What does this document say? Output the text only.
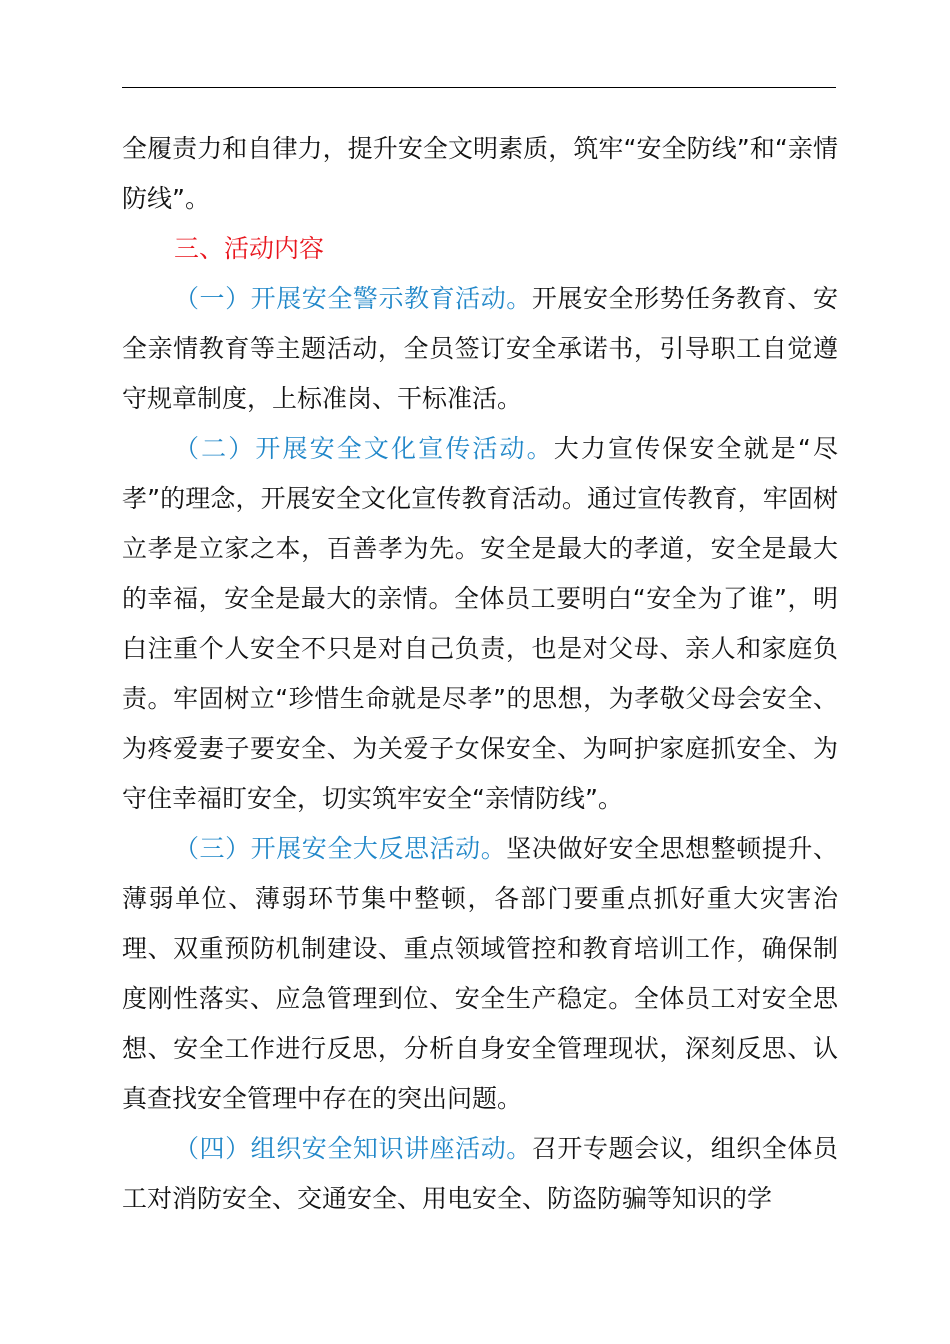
全履责力和自律力，提升安全文明素质，筑牢“安全防线”和“亲情防线”。

三、活动内容

（一）开展安全警示教育活动。开展安全形势任务教育、安全亲情教育等主题活动，全员签订安全承诺书，引导职工自觉遵守规章制度，上标准岗、干标准活。

（二）开展安全文化宣传活动。大力宣传保安全就是“尽孝”的理念，开展安全文化宣传教育活动。通过宣传教育，牢固树立孝是立家之本，百善孝为先。安全是最大的孝道，安全是最大的幸福，安全是最大的亲情。全体员工要明白“安全为了谁”，明白注重个人安全不只是对自己负责，也是对父母、亲人和家庭负责。牢固树立“珍惜生命就是尽孝”的思想，为孝敬父母会安全、为疼爱妻子要安全、为关爱子女保安全、为呵护家庭抓安全、为守住幸福盯安全，切实筑牢安全“亲情防线”。

（三）开展安全大反思活动。坚决做好安全思想整顿提升、薄弱单位、薄弱环节集中整顿，各部门要重点抓好重大灾害治理、双重预防机制建设、重点领域管控和教育培训工作，确保制度刚性落实、应急管理到位、安全生产稳定。全体员工对安全思想、安全工作进行反思，分析自身安全管理现状，深刻反思、认真查找安全管理中存在的突出问题。

（四）组织安全知识讲座活动。召开专题会议，组织全体员工对消防安全、交通安全、用电安全、防盗防骗等知识的学
